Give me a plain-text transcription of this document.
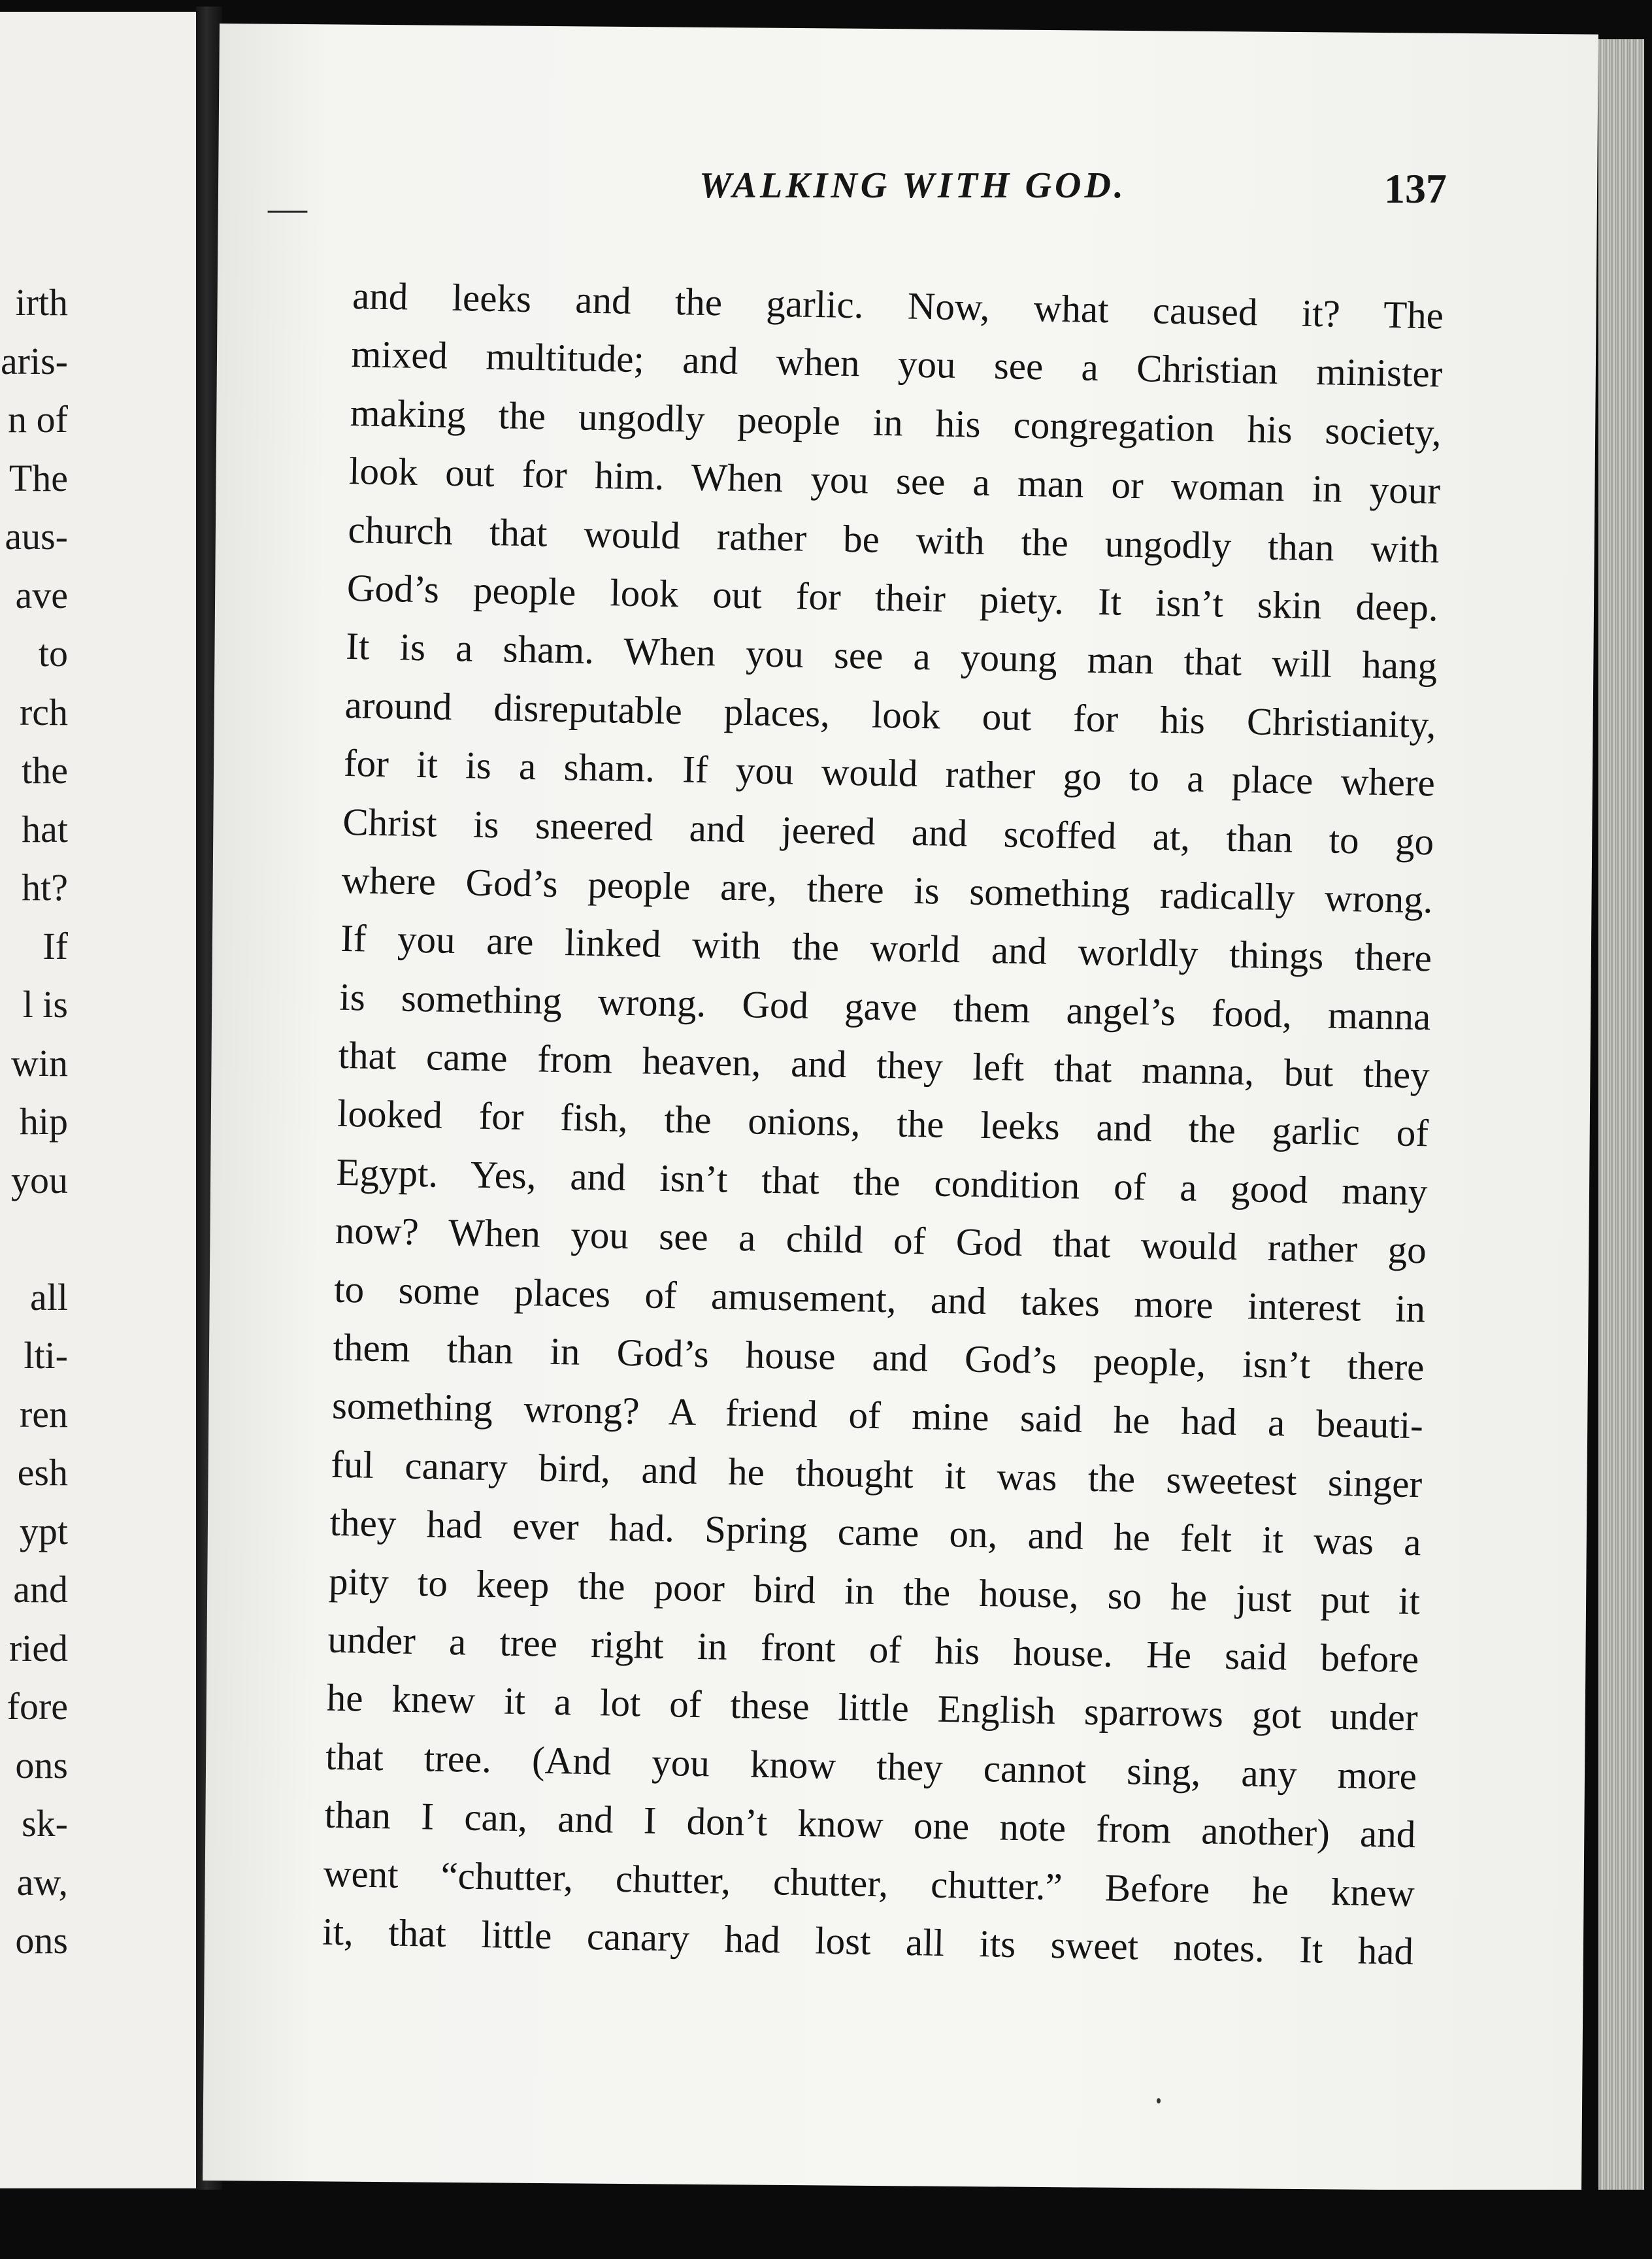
irth
aris-
n of
The
aus-
ave
to
rch
the
hat
ht?
If
l is
win
hip
you
all
lti-
ren
esh
ypt
and
ried
fore
ons
sk-
aw,
ons
—
WALKING WITH GOD.	137
and leeks and the garlic. Now, what caused it? The
mixed multitude; and when you see a Christian minister
making the ungodly people in his congregation his society,
look out for him. When you see a man or woman in your
church that would rather be with the ungodly than with
God’s people look out for their piety. It isn’t skin deep.
It is a sham. When you see a young man that will hang
around disreputable places, look out for his Christianity,
for it is a sham. If you would rather go to a place where
Christ is sneered and jeered and scoffed at, than to go
where God’s people are, there is something radically wrong.
If you are linked with the world and worldly things there
is something wrong. God gave them angel’s food, manna
that came from heaven, and they left that manna, but they
looked for fish, the onions, the leeks and the garlic of
Egypt. Yes, and isn’t that the condition of a good many
now? When you see a child of God that would rather go
to some places of amusement, and takes more interest in
them than in God’s house and God’s people, isn’t there
something wrong? A friend of mine said he had a beauti-
ful canary bird, and he thought it was the sweetest singer
they had ever had. Spring came on, and he felt it was a
pity to keep the poor bird in the house, so he just put it
under a tree right in front of his house. He said before
he knew it a lot of these little English sparrows got under
that tree. (And you know they cannot sing, any more
than I can, and I don’t know one note from another) and
went “chutter, chutter, chutter, chutter.” Before he knew
it, that little canary had lost all its sweet notes. It had
